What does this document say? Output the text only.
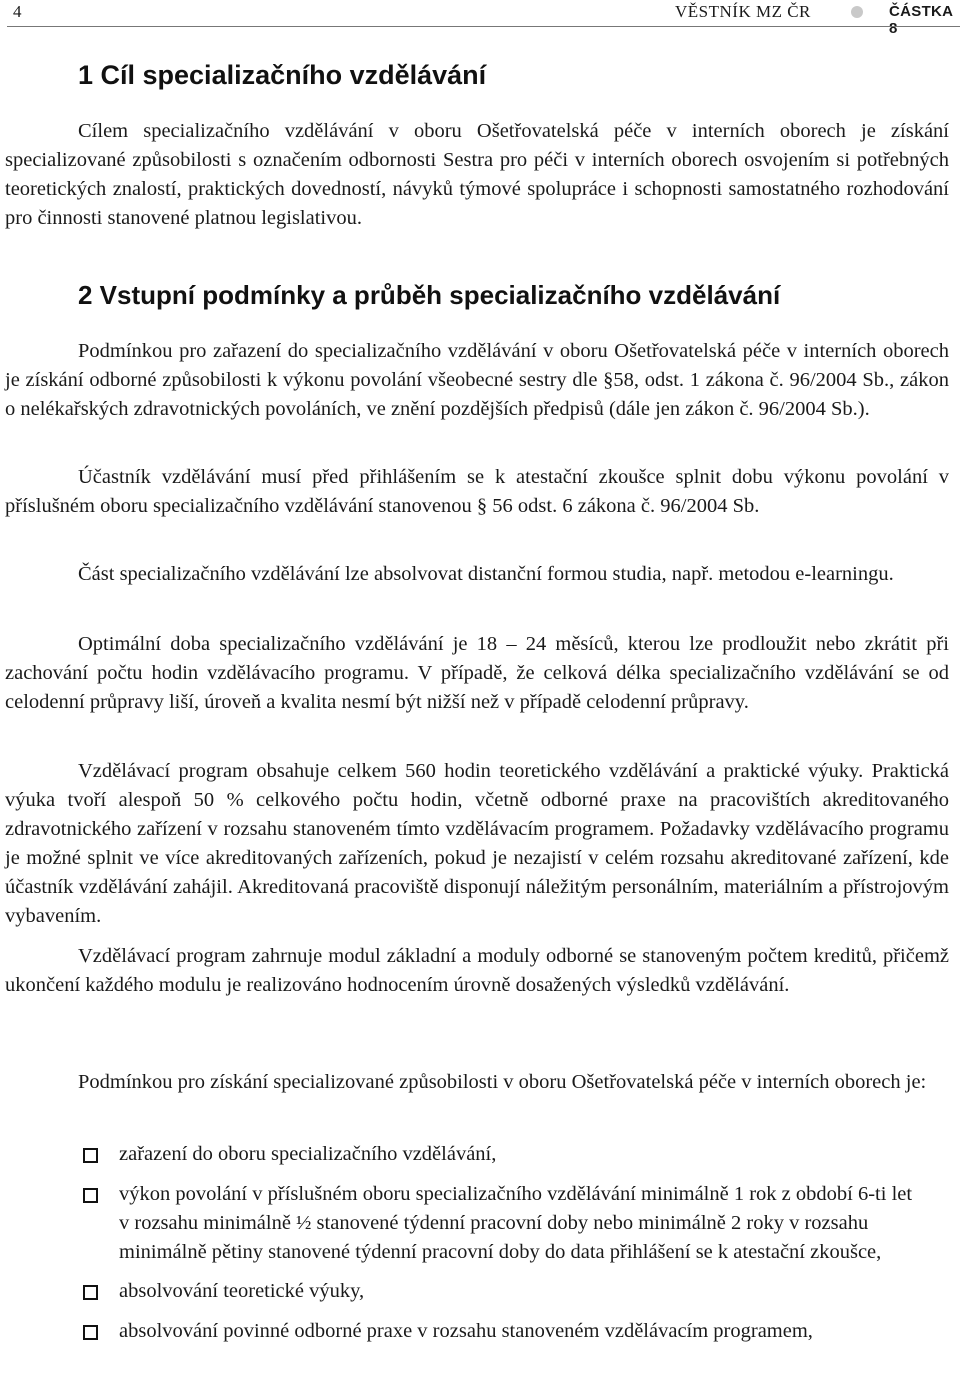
4	VĚSTNÍK MZ ČR	ČÁSTKA 8
1 Cíl specializačního vzdělávání

Cílem specializačního vzdělávání v oboru Ošetřovatelská péče v interních oborech je získání specializované způsobilosti s označením odbornosti Sestra pro péči v interních oborech osvojením si potřebných teoretických znalostí, praktických dovedností, návyků týmové spolupráce i schopnosti samostatného rozhodování pro činnosti stanovené platnou legislativou.

2 Vstupní podmínky a průběh specializačního vzdělávání

Podmínkou pro zařazení do specializačního vzdělávání v oboru Ošetřovatelská péče v interních oborech je získání odborné způsobilosti k výkonu povolání všeobecné sestry dle §58, odst. 1 zákona č. 96/2004 Sb., zákon o nelékařských zdravotnických povoláních, ve znění pozdějších předpisů (dále jen zákon č. 96/2004 Sb.).

Účastník vzdělávání musí před přihlášením se k atestační zkoušce splnit dobu výkonu povolání v příslušném oboru specializačního vzdělávání stanovenou § 56 odst. 6 zákona č. 96/2004 Sb.

Část specializačního vzdělávání lze absolvovat distanční formou studia, např. metodou e-learningu.

Optimální doba specializačního vzdělávání je 18 – 24 měsíců, kterou lze prodloužit nebo zkrátit při zachování počtu hodin vzdělávacího programu. V případě, že celková délka specializačního vzdělávání se od celodenní průpravy liší, úroveň a kvalita nesmí být nižší než v případě celodenní průpravy.

Vzdělávací program obsahuje celkem 560 hodin teoretického vzdělávání a praktické výuky. Praktická výuka tvoří alespoň 50 % celkového počtu hodin, včetně odborné praxe na pracovištích akreditovaného zdravotnického zařízení v rozsahu stanoveném tímto vzdělávacím programem. Požadavky vzdělávacího programu je možné splnit ve více akreditovaných zařízeních, pokud je nezajistí v celém rozsahu akreditované zařízení, kde účastník vzdělávání zahájil. Akreditovaná pracoviště disponují náležitým personálním, materiálním a přístrojovým vybavením.

Vzdělávací program zahrnuje modul základní a moduly odborné se stanoveným počtem kreditů, přičemž ukončení každého modulu je realizováno hodnocením úrovně dosažených výsledků vzdělávání.

Podmínkou pro získání specializované způsobilosti v oboru Ošetřovatelská péče v interních oborech je:

zařazení do oboru specializačního vzdělávání,
výkon povolání v příslušném oboru specializačního vzdělávání minimálně 1 rok z období 6-ti let v rozsahu minimálně ½ stanovené týdenní pracovní doby nebo minimálně 2 roky v rozsahu minimálně pětiny stanovené týdenní pracovní doby do data přihlášení se k atestační zkoušce,
absolvování teoretické výuky,
absolvování povinné odborné praxe v rozsahu stanoveném vzdělávacím programem,
